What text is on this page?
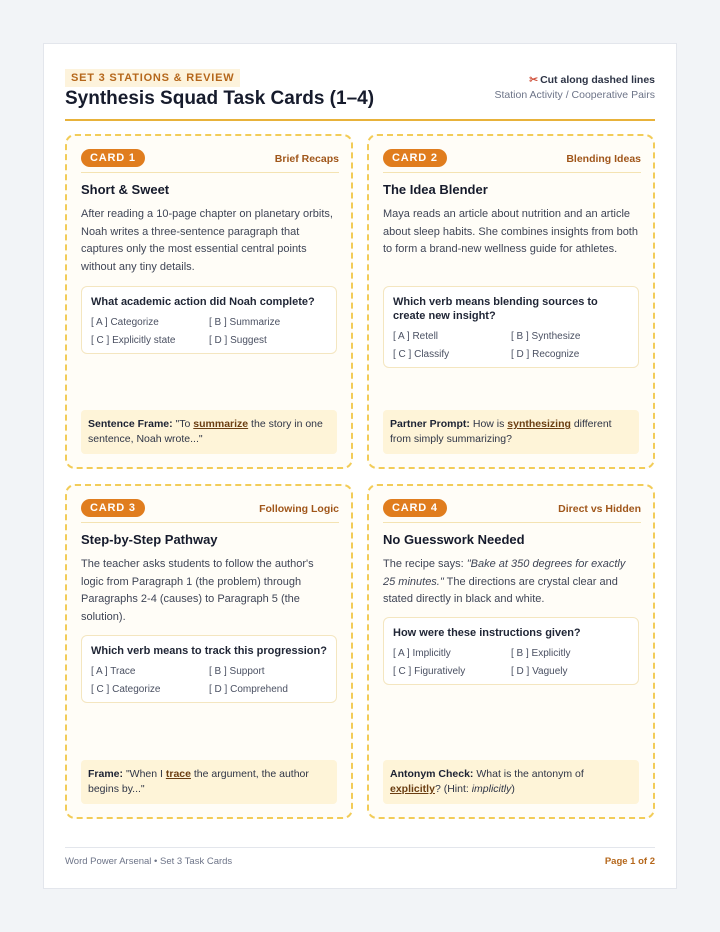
SET 3 STATIONS & REVIEW
Synthesis Squad Task Cards (1–4)
✂ Cut along dashed lines
Station Activity / Cooperative Pairs
CARD 1	Brief Recaps
Short & Sweet
After reading a 10-page chapter on planetary orbits, Noah writes a three-sentence paragraph that captures only the most essential central points without any tiny details.
What academic action did Noah complete?
[ A ] Categorize	[ B ] Summarize
[ C ] Explicitly state	[ D ] Suggest
Sentence Frame: "To summarize the story in one sentence, Noah wrote..."
CARD 2	Blending Ideas
The Idea Blender
Maya reads an article about nutrition and an article about sleep habits. She combines insights from both to form a brand-new wellness guide for athletes.
Which verb means blending sources to create new insight?
[ A ] Retell	[ B ] Synthesize
[ C ] Classify	[ D ] Recognize
Partner Prompt: How is synthesizing different from simply summarizing?
CARD 3	Following Logic
Step-by-Step Pathway
The teacher asks students to follow the author's logic from Paragraph 1 (the problem) through Paragraphs 2-4 (causes) to Paragraph 5 (the solution).
Which verb means to track this progression?
[ A ] Trace	[ B ] Support
[ C ] Categorize	[ D ] Comprehend
Frame: "When I trace the argument, the author begins by..."
CARD 4	Direct vs Hidden
No Guesswork Needed
The recipe says: "Bake at 350 degrees for exactly 25 minutes." The directions are crystal clear and stated directly in black and white.
How were these instructions given?
[ A ] Implicitly	[ B ] Explicitly
[ C ] Figuratively	[ D ] Vaguely
Antonym Check: What is the antonym of explicitly? (Hint: implicitly)
Word Power Arsenal • Set 3 Task Cards	Page 1 of 2
